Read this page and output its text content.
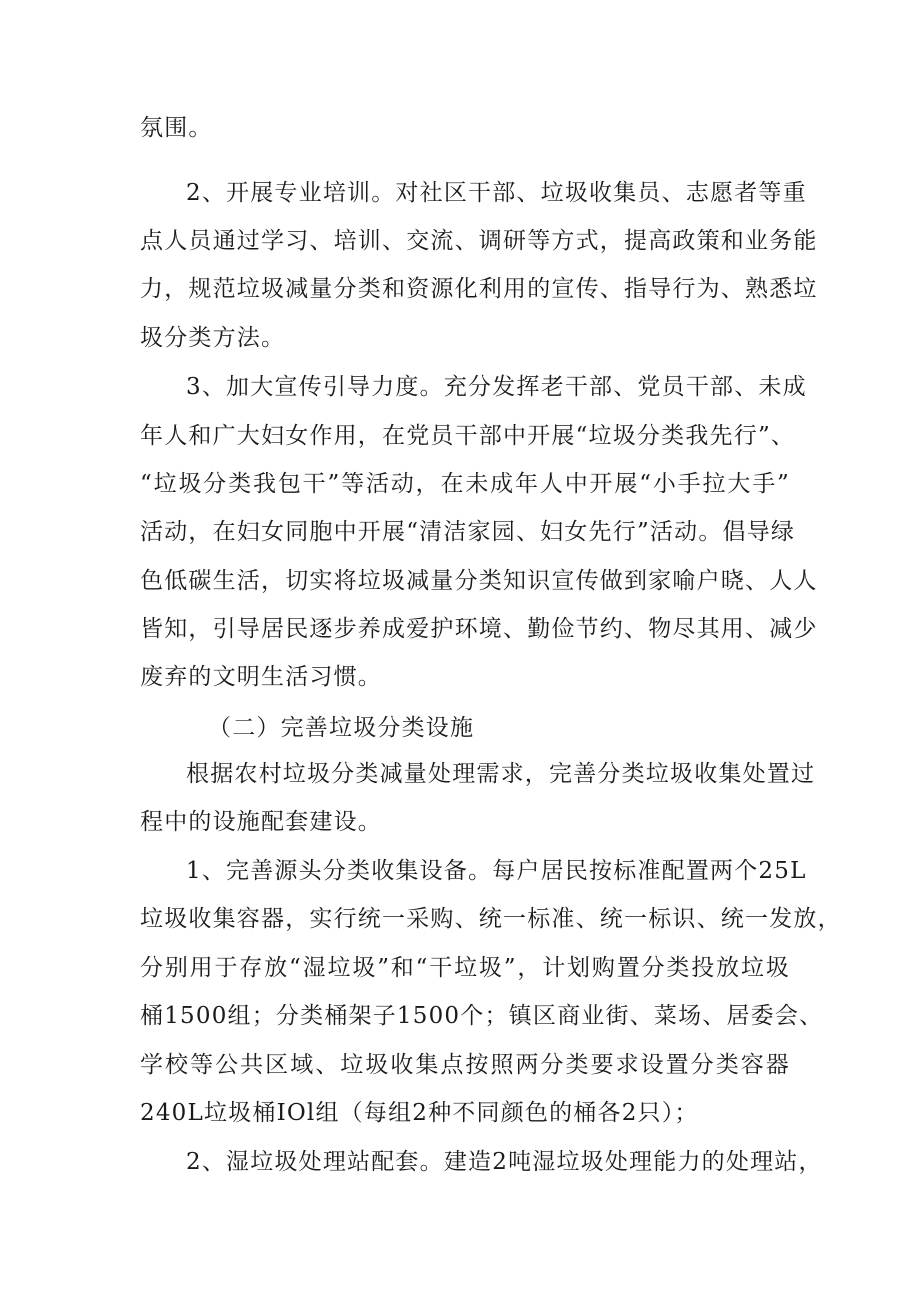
氛围。
2、开展专业培训。对社区干部、垃圾收集员、志愿者等重
点人员通过学习、培训、交流、调研等方式，提高政策和业务能
力，规范垃圾减量分类和资源化利用的宣传、指导行为、熟悉垃
圾分类方法。
3、加大宣传引导力度。充分发挥老干部、党员干部、未成
年人和广大妇女作用，在党员干部中开展“垃圾分类我先行”、
“垃圾分类我包干”等活动，在未成年人中开展“小手拉大手”
活动，在妇女同胞中开展“清洁家园、妇女先行”活动。倡导绿
色低碳生活，切实将垃圾减量分类知识宣传做到家喻户晓、人人
皆知，引导居民逐步养成爱护环境、勤俭节约、物尽其用、减少
废弃的文明生活习惯。
（二）完善垃圾分类设施
根据农村垃圾分类减量处理需求，完善分类垃圾收集处置过
程中的设施配套建设。
1、完善源头分类收集设备。每户居民按标准配置两个25L
垃圾收集容器，实行统一采购、统一标准、统一标识、统一发放，
分别用于存放“湿垃圾”和“干垃圾”，计划购置分类投放垃圾
桶1500组；分类桶架子1500个；镇区商业街、菜场、居委会、
学校等公共区域、垃圾收集点按照两分类要求设置分类容器
240L垃圾桶IOl组（每组2种不同颜色的桶各2只）；
2、湿垃圾处理站配套。建造2吨湿垃圾处理能力的处理站，
